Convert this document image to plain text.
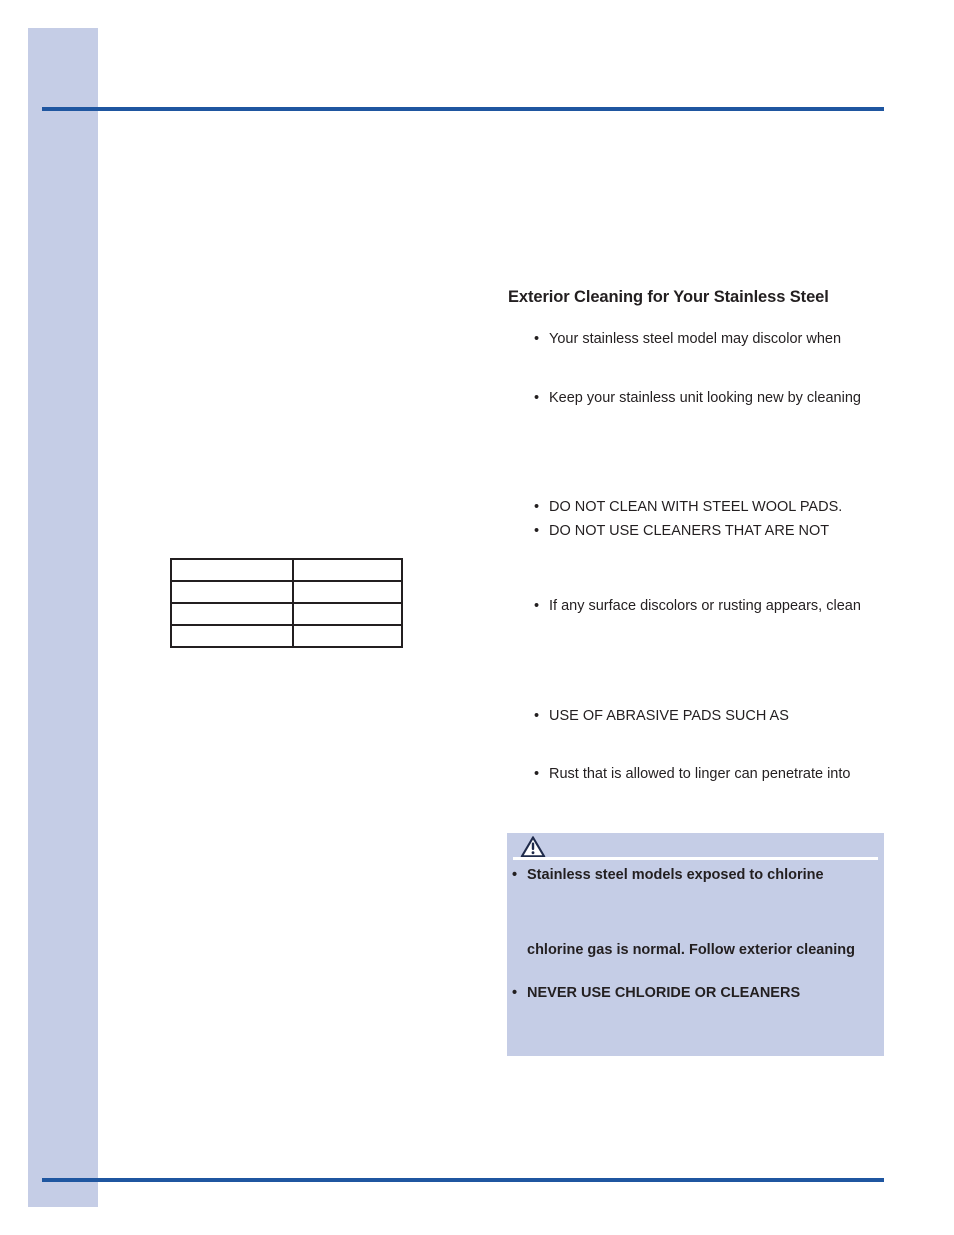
Exterior Cleaning for Your Stainless Steel
• Your stainless steel model may discolor when
• Keep your stainless unit looking new by cleaning
• DO NOT CLEAN WITH STEEL WOOL PADS.
• DO NOT USE CLEANERS THAT ARE NOT
• If any surface discolors or rusting appears, clean
• USE OF ABRASIVE PADS SUCH AS
• Rust that is allowed to linger can penetrate into

• Stainless steel models exposed to chlorine
chlorine gas is normal. Follow exterior cleaning
• NEVER USE CHLORIDE OR CLEANERS
